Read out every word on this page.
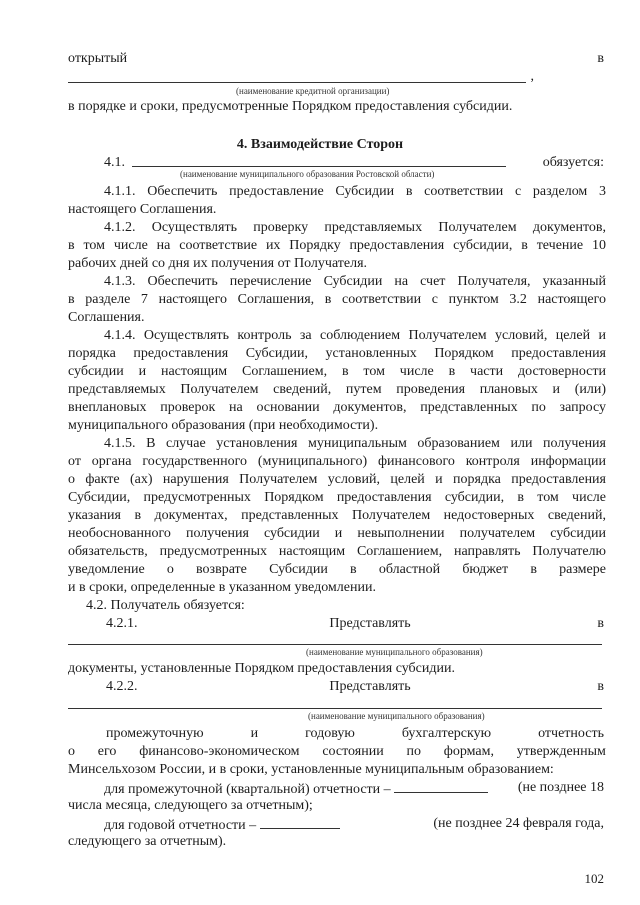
открытый	в
,
(наименование кредитной организации)
в порядке и сроки, предусмотренные Порядком предоставления субсидии.
4. Взаимодействие Сторон
4.1.	обязуется:
(наименование муниципального образования Ростовской области)
4.1.1. Обеспечить предоставление Субсидии в соответствии с разделом 3
настоящего Соглашения.
4.1.2. Осуществлять проверку представляемых Получателем документов,
в том числе на соответствие их Порядку предоставления субсидии, в течение 10
рабочих дней со дня их получения от Получателя.
4.1.3. Обеспечить перечисление Субсидии на счет Получателя, указанный
в разделе 7 настоящего Соглашения, в соответствии с пунктом 3.2 настоящего
Соглашения.
4.1.4. Осуществлять контроль за соблюдением Получателем условий, целей и
порядка предоставления Субсидии, установленных Порядком предоставления
субсидии и настоящим Соглашением, в том числе в части достоверности
представляемых Получателем сведений, путем проведения плановых и (или)
внеплановых проверок на основании документов, представленных по запросу
муниципального образования (при необходимости).
4.1.5. В случае установления муниципальным образованием или получения
от органа государственного (муниципального) финансового контроля информации
о факте (ах) нарушения Получателем условий, целей и порядка предоставления
Субсидии, предусмотренных Порядком предоставления субсидии, в том числе
указания в документах, представленных Получателем недостоверных сведений,
необоснованного получения субсидии и невыполнении получателем субсидии
обязательств, предусмотренных настоящим Соглашением, направлять Получателю
уведомление о возврате Субсидии в областной бюджет в размере
и в сроки, определенные в указанном уведомлении.
4.2. Получатель обязуется:
4.2.1.	Представлять	в
(наименование муниципального образования)
документы, установленные Порядком предоставления субсидии.
4.2.2.	Представлять	в
(наименование муниципального образования)
промежуточную	и	годовую	бухгалтерскую	отчетность
о его финансово-экономическом состоянии по формам, утвержденным
Минсельхозом России, и в сроки, установленные муниципальным образованием:
для промежуточной (квартальной) отчетности –	(не позднее 18
числа месяца, следующего за отчетным);
для годовой отчетности –	(не позднее 24 февраля года,
следующего за отчетным).
102
